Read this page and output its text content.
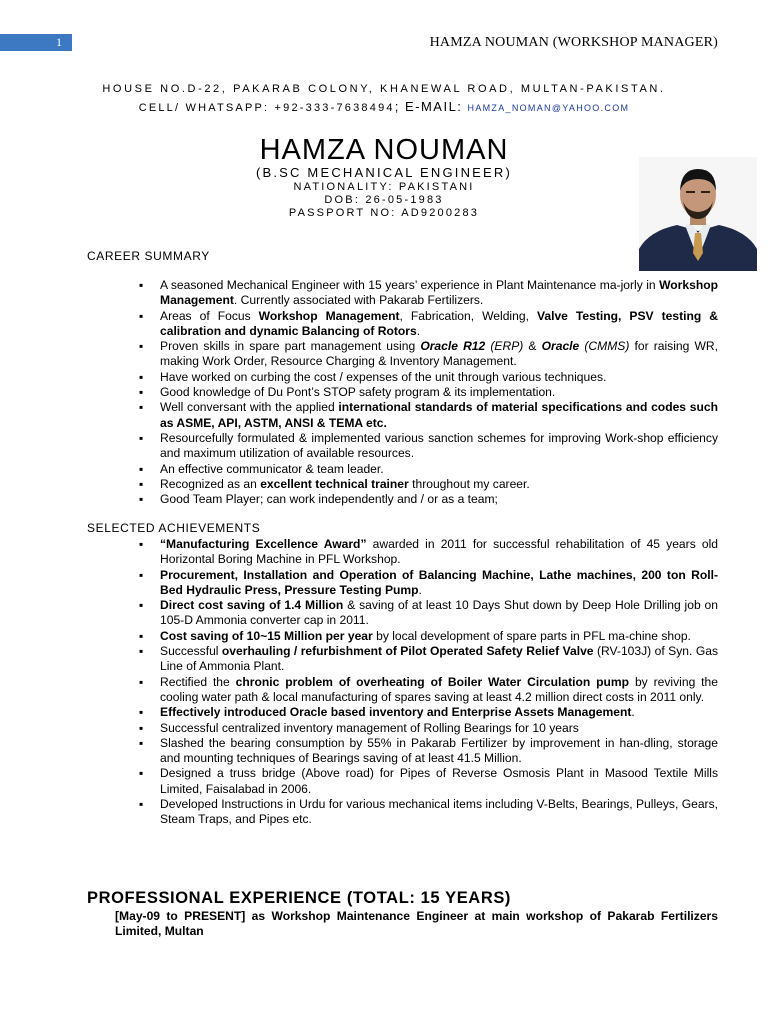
1	HAMZA NOUMAN (WORKSHOP MANAGER)
HOUSE NO.D-22, PAKARAB COLONY, KHANEWAL ROAD, MULTAN-PAKISTAN.
CELL/ WHATSAPP: +92-333-7638494; E-MAIL: HAMZA_NOMAN@YAHOO.COM
HAMZA NOUMAN
(B.SC MECHANICAL ENGINEER)
NATIONALITY: PAKISTANI
DOB: 26-05-1983
PASSPORT NO: AD9200283
CAREER SUMMARY
▪ A seasoned Mechanical Engineer with 15 years’ experience in Plant Maintenance ma-jorly in Workshop Management. Currently associated with Pakarab Fertilizers.
▪ Areas of Focus Workshop Management, Fabrication, Welding, Valve Testing, PSV testing & calibration and dynamic Balancing of Rotors.
▪ Proven skills in spare part management using Oracle R12 (ERP) & Oracle (CMMS) for raising WR, making Work Order, Resource Charging & Inventory Management.
▪ Have worked on curbing the cost / expenses of the unit through various techniques.
▪ Good knowledge of Du Pont’s STOP safety program & its implementation.
▪ Well conversant with the applied international standards of material specifications and codes such as ASME, API, ASTM, ANSI & TEMA etc.
▪ Resourcefully formulated & implemented various sanction schemes for improving Work-shop efficiency and maximum utilization of available resources.
▪ An effective communicator & team leader.
▪ Recognized as an excellent technical trainer throughout my career.
▪ Good Team Player; can work independently and / or as a team;
SELECTED ACHIEVEMENTS
▪ “Manufacturing Excellence Award” awarded in 2011 for successful rehabilitation of 45 years old Horizontal Boring Machine in PFL Workshop.
▪ Procurement, Installation and Operation of Balancing Machine, Lathe machines, 200 ton Roll-Bed Hydraulic Press, Pressure Testing Pump.
▪ Direct cost saving of 1.4 Million & saving of at least 10 Days Shut down by Deep Hole Drilling job on 105-D Ammonia converter cap in 2011.
▪ Cost saving of 10~15 Million per year by local development of spare parts in PFL ma-chine shop.
▪ Successful overhauling / refurbishment of Pilot Operated Safety Relief Valve (RV-103J) of Syn. Gas Line of Ammonia Plant.
▪ Rectified the chronic problem of overheating of Boiler Water Circulation pump by reviving the cooling water path & local manufacturing of spares saving at least 4.2 million direct costs in 2011 only.
▪ Effectively introduced Oracle based inventory and Enterprise Assets Management.
▪ Successful centralized inventory management of Rolling Bearings for 10 years
▪ Slashed the bearing consumption by 55% in Pakarab Fertilizer by improvement in han-dling, storage and mounting techniques of Bearings saving of at least 41.5 Million.
▪ Designed a truss bridge (Above road) for Pipes of Reverse Osmosis Plant in Masood Textile Mills Limited, Faisalabad in 2006.
▪ Developed Instructions in Urdu for various mechanical items including V-Belts, Bearings, Pulleys, Gears, Steam Traps, and Pipes etc.
PROFESSIONAL EXPERIENCE (TOTAL: 15 YEARS)
[May-09 to PRESENT] as Workshop Maintenance Engineer at main workshop of Pakarab Fertilizers Limited, Multan
